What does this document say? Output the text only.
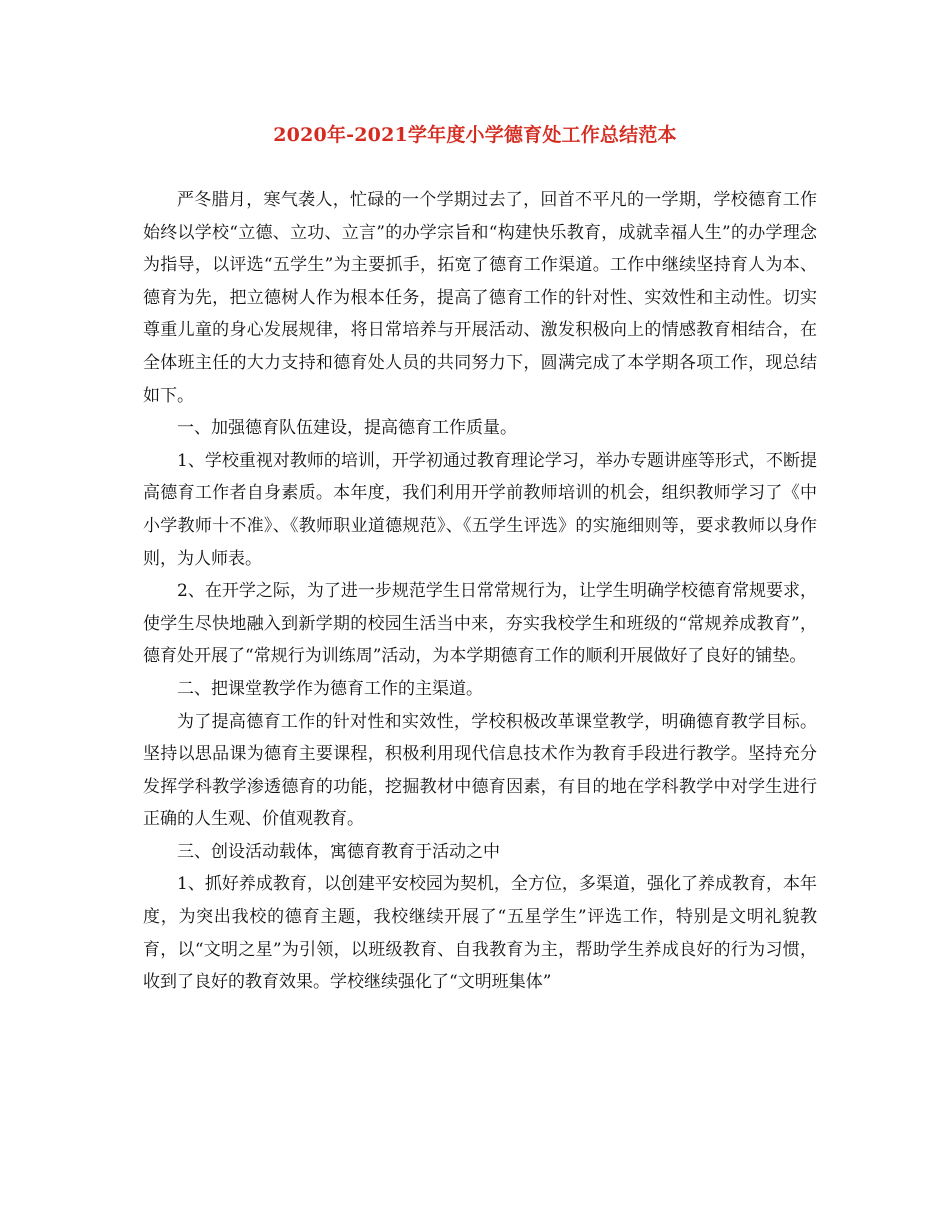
2020年-2021学年度小学德育处工作总结范本

严冬腊月，寒气袭人，忙碌的一个学期过去了，回首不平凡的一学期，学校德育工作始终以学校“立德、立功、立言”的办学宗旨和“构建快乐教育，成就幸福人生”的办学理念为指导，以评选“五学生”为主要抓手，拓宽了德育工作渠道。工作中继续坚持育人为本、德育为先，把立德树人作为根本任务，提高了德育工作的针对性、实效性和主动性。切实尊重儿童的身心发展规律，将日常培养与开展活动、激发积极向上的情感教育相结合，在全体班主任的大力支持和德育处人员的共同努力下，圆满完成了本学期各项工作，现总结如下。

一、加强德育队伍建设，提高德育工作质量。

1、学校重视对教师的培训，开学初通过教育理论学习，举办专题讲座等形式，不断提高德育工作者自身素质。本年度，我们利用开学前教师培训的机会，组织教师学习了《中小学教师十不准》、《教师职业道德规范》、《五学生评选》的实施细则等，要求教师以身作则，为人师表。

2、在开学之际，为了进一步规范学生日常常规行为，让学生明确学校德育常规要求，使学生尽快地融入到新学期的校园生活当中来，夯实我校学生和班级的“常规养成教育”，德育处开展了“常规行为训练周”活动，为本学期德育工作的顺利开展做好了良好的铺垫。

二、把课堂教学作为德育工作的主渠道。

为了提高德育工作的针对性和实效性，学校积极改革课堂教学，明确德育教学目标。坚持以思品课为德育主要课程，积极利用现代信息技术作为教育手段进行教学。坚持充分发挥学科教学渗透德育的功能，挖掘教材中德育因素，有目的地在学科教学中对学生进行正确的人生观、价值观教育。

三、创设活动载体，寓德育教育于活动之中

1、抓好养成教育，以创建平安校园为契机，全方位，多渠道，强化了养成教育，本年度，为突出我校的德育主题，我校继续开展了“五星学生”评选工作，特别是文明礼貌教育，以“文明之星”为引领，以班级教育、自我教育为主，帮助学生养成良好的行为习惯，收到了良好的教育效果。学校继续强化了“文明班集体”
